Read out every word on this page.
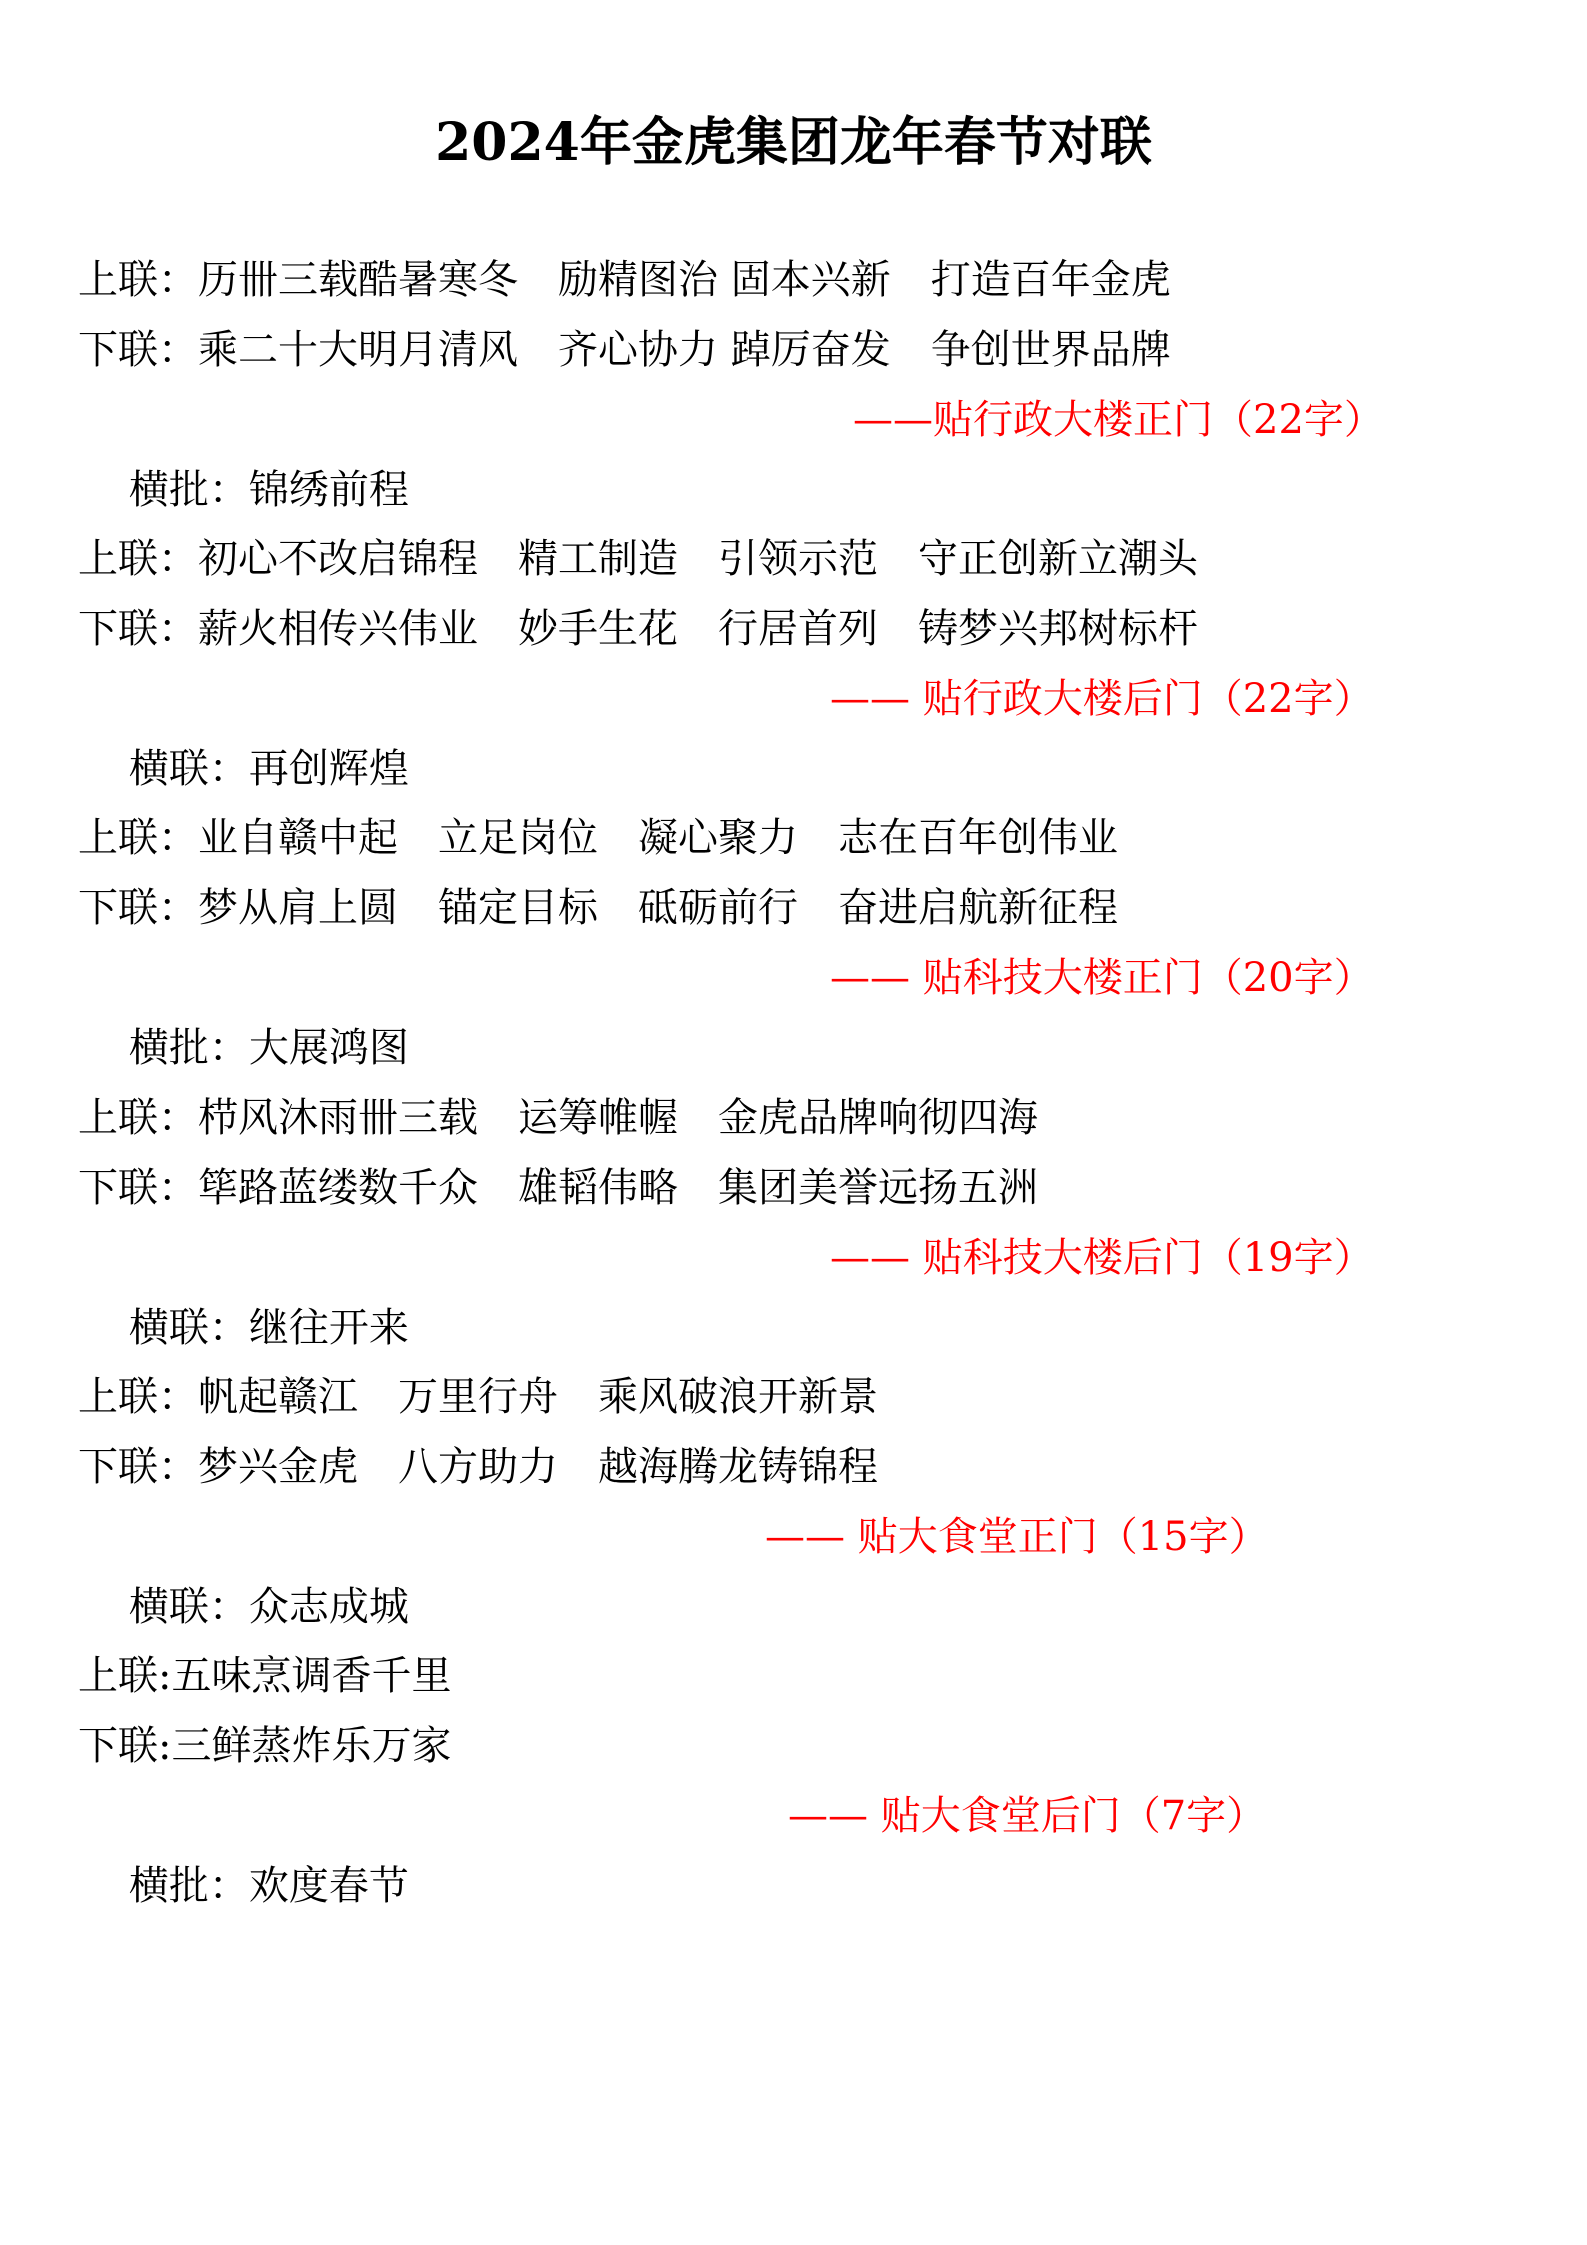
2024年金虎集团龙年春节对联
上联：历卌三载酷暑寒冬　励精图治 固本兴新　打造百年金虎
下联：乘二十大明月清风　齐心协力 踔厉奋发　争创世界品牌

横批：锦绣前程

——贴行政大楼正门（22字）

上联：初心不改启锦程　精工制造　引领示范　守正创新立潮头
下联：薪火相传兴伟业　妙手生花　行居首列　铸梦兴邦树标杆

横联：再创辉煌

—— 贴行政大楼后门（22字）

上联：业自赣中起　立足岗位　凝心聚力　志在百年创伟业
下联：梦从肩上圆　锚定目标　砥砺前行　奋进启航新征程

横批：大展鸿图

—— 贴科技大楼正门（20字）

上联：栉风沐雨卌三载　运筹帷幄　金虎品牌响彻四海
下联：筚路蓝缕数千众　雄韬伟略　集团美誉远扬五洲

横联：继往开来

—— 贴科技大楼后门（19字）

上联：帆起赣江　万里行舟　乘风破浪开新景
下联：梦兴金虎　八方助力　越海腾龙铸锦程

横联：众志成城

—— 贴大食堂正门（15字）

上联:五味烹调香千里
下联:三鲜蒸炸乐万家

横批：欢度春节

—— 贴大食堂后门（7字）
